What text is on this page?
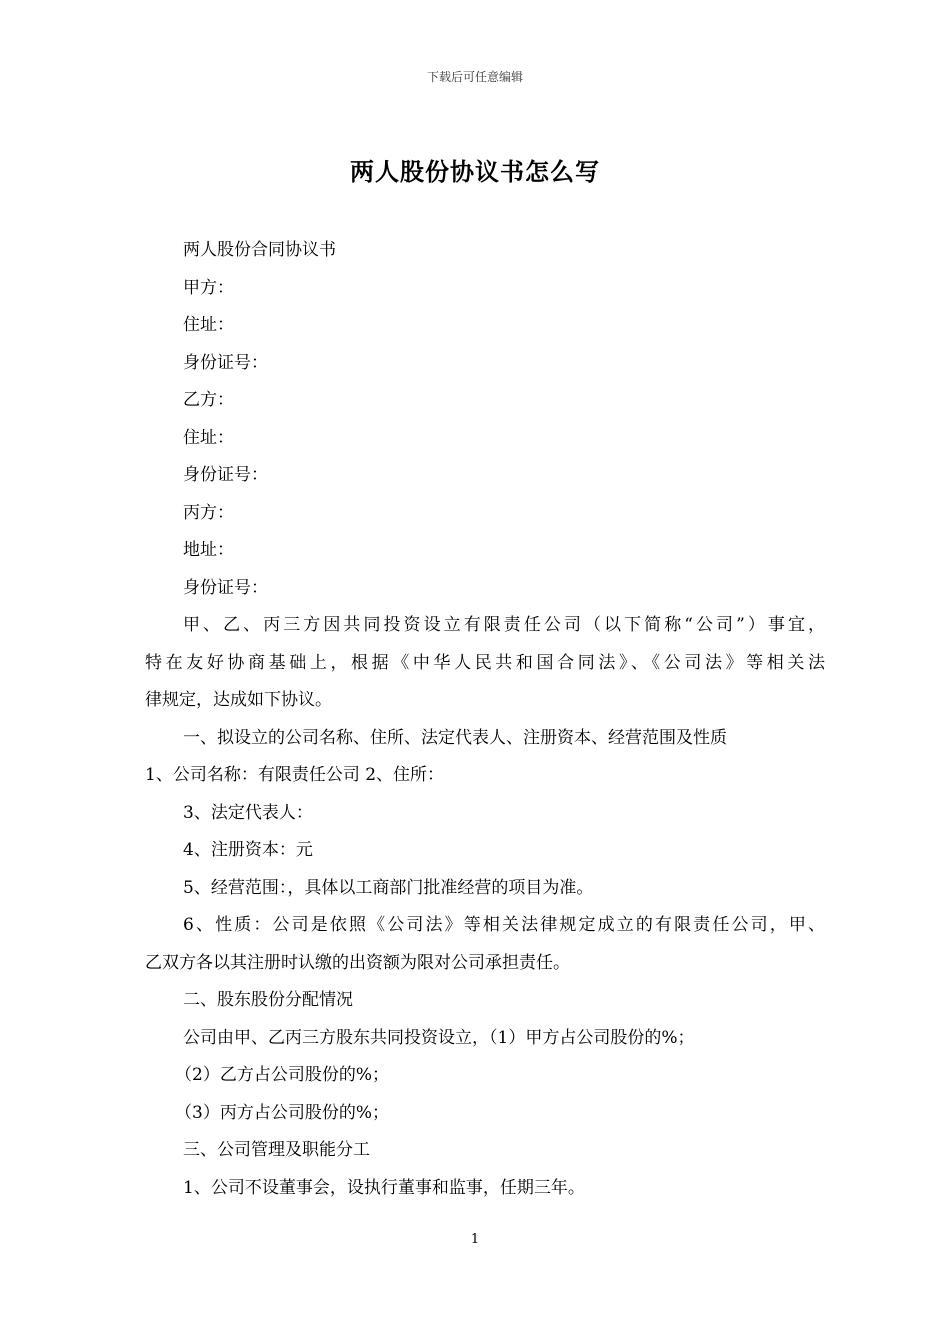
下载后可任意编辑
两人股份协议书怎么写
两人股份合同协议书
甲方：
住址：
身份证号：
乙方：
住址：
身份证号：
丙方：
地址：
身份证号：
甲、乙、丙三方因共同投资设立有限责任公司（以下简称“公司”）事宜，
特在友好协商基础上，根据《中华人民共和国合同法》、《公司法》等相关法
律规定，达成如下协议。
一、拟设立的公司名称、住所、法定代表人、注册资本、经营范围及性质
1、公司名称：有限责任公司 2、住所：
3、法定代表人：
4、注册资本：元
5、经营范围：，具体以工商部门批准经营的项目为准。
6、性质：公司是依照《公司法》等相关法律规定成立的有限责任公司，甲、
乙双方各以其注册时认缴的出资额为限对公司承担责任。
二、股东股份分配情况
公司由甲、乙丙三方股东共同投资设立，（1）甲方占公司股份的%；
（2）乙方占公司股份的%；
（3）丙方占公司股份的%；
三、公司管理及职能分工
1、公司不设董事会，设执行董事和监事，任期三年。
1
